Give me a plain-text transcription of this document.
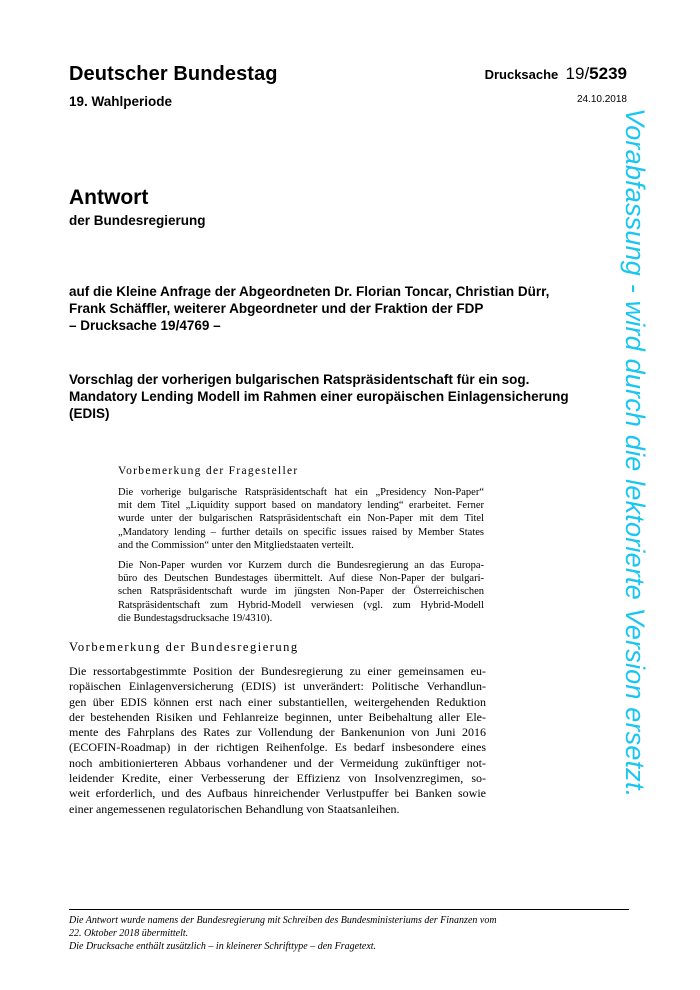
Deutscher Bundestag
19. Wahlperiode
Drucksache 19/5239
24.10.2018
Antwort
der Bundesregierung
auf die Kleine Anfrage der Abgeordneten Dr. Florian Toncar, Christian Dürr,
Frank Schäffler, weiterer Abgeordneter und der Fraktion der FDP
– Drucksache 19/4769 –
Vorschlag der vorherigen bulgarischen Ratspräsidentschaft für ein sog.
Mandatory Lending Modell im Rahmen einer europäischen Einlagensicherung
(EDIS)
Vorbemerkung der Fragesteller
Die vorherige bulgarische Ratspräsidentschaft hat ein „Presidency Non-Paper“
mit dem Titel „Liquidity support based on mandatory lending“ erarbeitet. Ferner
wurde unter der bulgarischen Ratspräsidentschaft ein Non-Paper mit dem Titel
„Mandatory lending – further details on specific issues raised by Member States
and the Commission“ unter den Mitgliedstaaten verteilt.
Die Non-Paper wurden vor Kurzem durch die Bundesregierung an das Europa-
büro des Deutschen Bundestages übermittelt. Auf diese Non-Paper der bulgari-
schen Ratspräsidentschaft wurde im jüngsten Non-Paper der Österreichischen
Ratspräsidentschaft zum Hybrid-Modell verwiesen (vgl. zum Hybrid-Modell
die Bundestagsdrucksache 19/4310).
Vorbemerkung der Bundesregierung
Die ressortabgestimmte Position der Bundesregierung zu einer gemeinsamen eu-
ropäischen Einlagenversicherung (EDIS) ist unverändert: Politische Verhandlun-
gen über EDIS können erst nach einer substantiellen, weitergehenden Reduktion
der bestehenden Risiken und Fehlanreize beginnen, unter Beibehaltung aller Ele-
mente des Fahrplans des Rates zur Vollendung der Bankenunion von Juni 2016
(ECOFIN-Roadmap) in der richtigen Reihenfolge. Es bedarf insbesondere eines
noch ambitionierteren Abbaus vorhandener und der Vermeidung zukünftiger not-
leidender Kredite, einer Verbesserung der Effizienz von Insolvenzregimen, so-
weit erforderlich, und des Aufbaus hinreichender Verlustpuffer bei Banken sowie
einer angemessenen regulatorischen Behandlung von Staatsanleihen.

Die Antwort wurde namens der Bundesregierung mit Schreiben des Bundesministeriums der Finanzen vom
22. Oktober 2018 übermittelt.

Die Drucksache enthält zusätzlich – in kleinerer Schrifttype – den Fragetext.

Vorabfassung - wird durch die lektorierte Version ersetzt.
